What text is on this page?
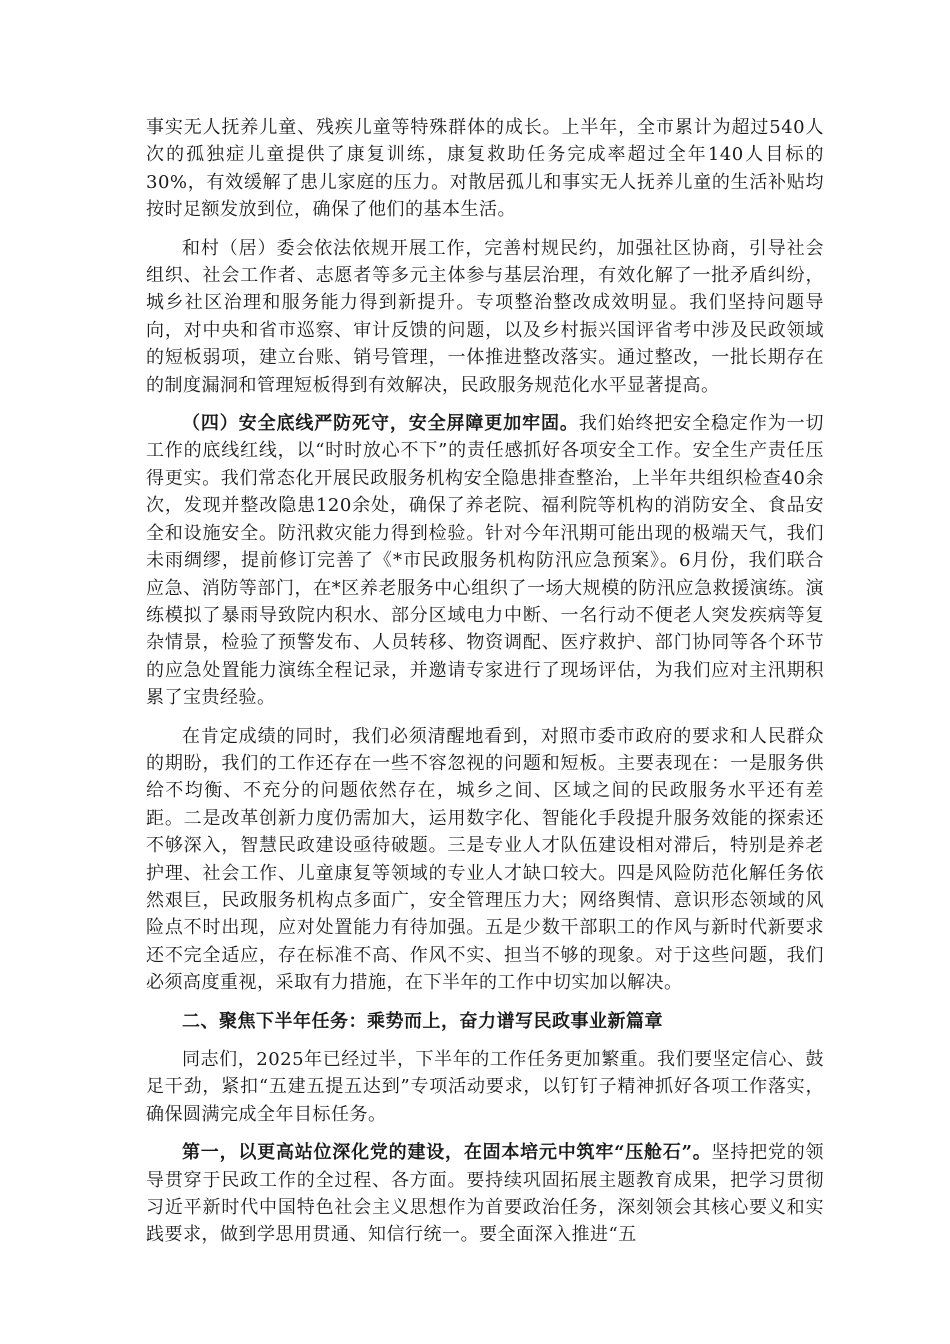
事实无人抚养儿童、残疾儿童等特殊群体的成长。上半年，全市累计为超过540人次的孤独症儿童提供了康复训练，康复救助任务完成率超过全年140人目标的30%，有效缓解了患儿家庭的压力。对散居孤儿和事实无人抚养儿童的生活补贴均按时足额发放到位，确保了他们的基本生活。

和村（居）委会依法依规开展工作，完善村规民约，加强社区协商，引导社会组织、社会工作者、志愿者等多元主体参与基层治理，有效化解了一批矛盾纠纷，城乡社区治理和服务能力得到新提升。专项整治整改成效明显。我们坚持问题导向，对中央和省市巡察、审计反馈的问题，以及乡村振兴国评省考中涉及民政领域的短板弱项，建立台账、销号管理，一体推进整改落实。通过整改，一批长期存在的制度漏洞和管理短板得到有效解决，民政服务规范化水平显著提高。

（四）安全底线严防死守，安全屏障更加牢固。我们始终把安全稳定作为一切工作的底线红线，以“时时放心不下”的责任感抓好各项安全工作。安全生产责任压得更实。我们常态化开展民政服务机构安全隐患排查整治，上半年共组织检查40余次，发现并整改隐患120余处，确保了养老院、福利院等机构的消防安全、食品安全和设施安全。防汛救灾能力得到检验。针对今年汛期可能出现的极端天气，我们未雨绸缪，提前修订完善了《*市民政服务机构防汛应急预案》。6月份，我们联合应急、消防等部门，在*区养老服务中心组织了一场大规模的防汛应急救援演练。演练模拟了暴雨导致院内积水、部分区域电力中断、一名行动不便老人突发疾病等复杂情景，检验了预警发布、人员转移、物资调配、医疗救护、部门协同等各个环节的应急处置能力演练全程记录，并邀请专家进行了现场评估，为我们应对主汛期积累了宝贵经验。

在肯定成绩的同时，我们必须清醒地看到，对照市委市政府的要求和人民群众的期盼，我们的工作还存在一些不容忽视的问题和短板。主要表现在：一是服务供给不均衡、不充分的问题依然存在，城乡之间、区域之间的民政服务水平还有差距。二是改革创新力度仍需加大，运用数字化、智能化手段提升服务效能的探索还不够深入，智慧民政建设亟待破题。三是专业人才队伍建设相对滞后，特别是养老护理、社会工作、儿童康复等领域的专业人才缺口较大。四是风险防范化解任务依然艰巨，民政服务机构点多面广，安全管理压力大；网络舆情、意识形态领域的风险点不时出现，应对处置能力有待加强。五是少数干部职工的作风与新时代新要求还不完全适应，存在标准不高、作风不实、担当不够的现象。对于这些问题，我们必须高度重视，采取有力措施，在下半年的工作中切实加以解决。

二、聚焦下半年任务：乘势而上，奋力谱写民政事业新篇章

同志们，2025年已经过半，下半年的工作任务更加繁重。我们要坚定信心、鼓足干劲，紧扣“五建五提五达到”专项活动要求，以钉钉子精神抓好各项工作落实，确保圆满完成全年目标任务。

第一，以更高站位深化党的建设，在固本培元中筑牢“压舱石”。坚持把党的领导贯穿于民政工作的全过程、各方面。要持续巩固拓展主题教育成果，把学习贯彻习近平新时代中国特色社会主义思想作为首要政治任务，深刻领会其核心要义和实践要求，做到学思用贯通、知信行统一。要全面深入推进“五
